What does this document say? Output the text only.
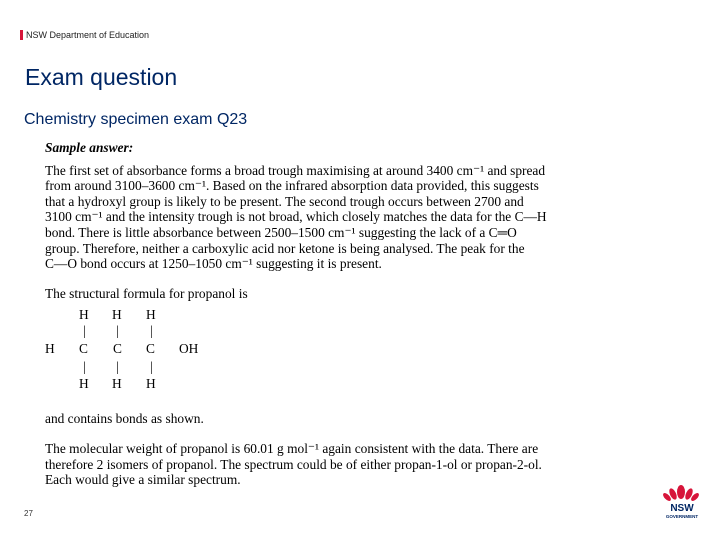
NSW Department of Education
Exam question
Chemistry specimen exam Q23
Sample answer:

The first set of absorbance forms a broad trough maximising at around 3400 cm⁻¹ and spread
from around 3100–3600 cm⁻¹. Based on the infrared absorption data provided, this suggests
that a hydroxyl group is likely to be present. The second trough occurs between 2700 and
3100 cm⁻¹ and the intensity trough is not broad, which closely matches the data for the C—H
bond. There is little absorbance between 2500–1500 cm⁻¹ suggesting the lack of a C═O
group. Therefore, neither a carboxylic acid nor ketone is being analysed. The peak for the
C—O bond occurs at 1250–1050 cm⁻¹ suggesting it is present.

The structural formula for propanol is

H H H
| | |
H C C C OH
| | |
H H H

and contains bonds as shown.

The molecular weight of propanol is 60.01 g mol⁻¹ again consistent with the data. There are
therefore 2 isomers of propanol. The spectrum could be of either propan-1-ol or propan-2-ol.
Each would give a similar spectrum.

27	NSW
GOVERNMENT
